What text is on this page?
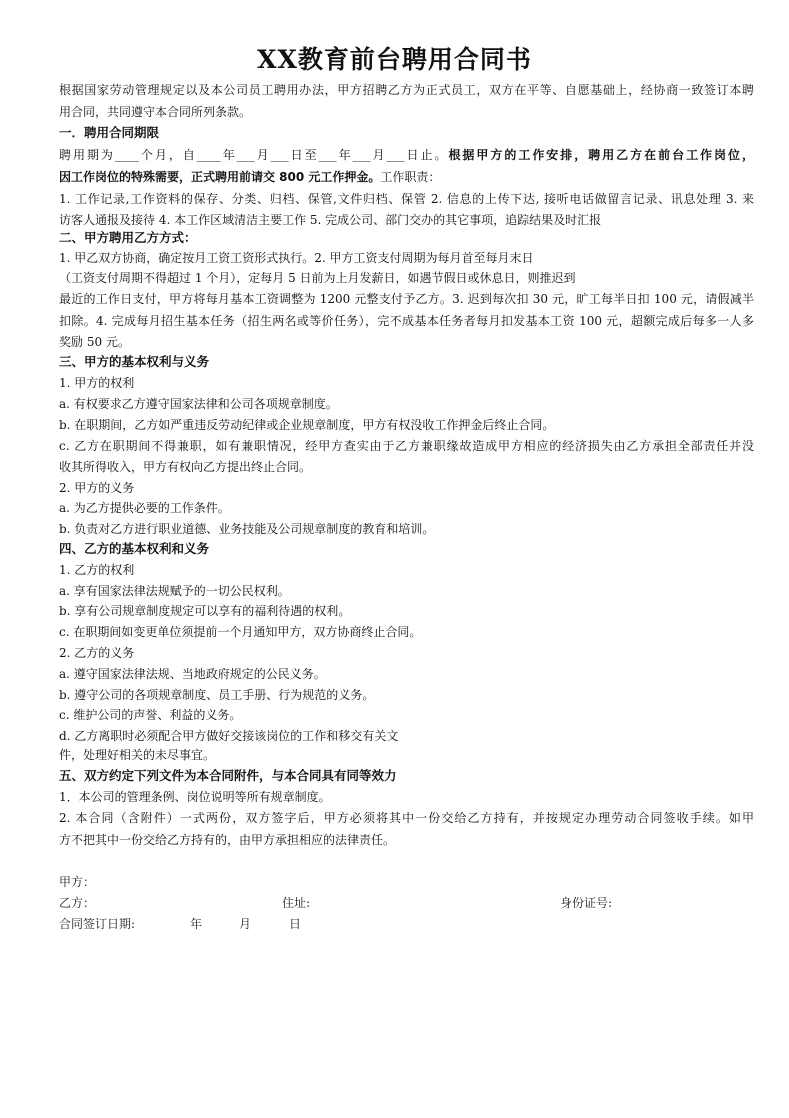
XX教育前台聘用合同书
根据国家劳动管理规定以及本公司员工聘用办法，甲方招聘乙方为正式员工，双方在平等、自愿基础上，经协商一致签订本聘
用合同，共同遵守本合同所列条款。
一．聘用合同期限
聘用期为____个月，自____年___月___日至___年___月___日止。根据甲方的工作安排，聘用乙方在前台工作岗位，
因工作岗位的特殊需要，正式聘用前请交 800 元工作押金。工作职责：
1. 工作记录,工作资料的保存、分类、归档、保管,文件归档、保管 2. 信息的上传下达, 接听电话做留言记录、讯息处理 3. 来
访客人通报及接待 4. 本工作区域清洁主要工作 5. 完成公司、部门交办的其它事项，追踪结果及时汇报
二、甲方聘用乙方方式：
1. 甲乙双方协商，确定按月工资工资形式执行。2. 甲方工资支付周期为每月首至每月末日
（工资支付周期不得超过 1 个月），定每月 5 日前为上月发薪日，如遇节假日或休息日，则推迟到
最近的工作日支付，甲方将每月基本工资调整为 1200 元整支付予乙方。3. 迟到每次扣 30 元，旷工每半日扣 100 元，请假减半
扣除。4. 完成每月招生基本任务（招生两名或等价任务），完不成基本任务者每月扣发基本工资 100 元，超额完成后每多一人多
奖励 50 元。
三、甲方的基本权利与义务
1. 甲方的权利
a. 有权要求乙方遵守国家法律和公司各项规章制度。
b. 在职期间，乙方如严重违反劳动纪律或企业规章制度，甲方有权没收工作押金后终止合同。
c. 乙方在职期间不得兼职，如有兼职情况，经甲方查实由于乙方兼职缘故造成甲方相应的经济损失由乙方承担全部责任并没
收其所得收入，甲方有权向乙方提出终止合同。
2. 甲方的义务
a. 为乙方提供必要的工作条件。
b. 负责对乙方进行职业道德、业务技能及公司规章制度的教育和培训。
四、乙方的基本权利和义务
1. 乙方的权利
a. 享有国家法律法规赋予的一切公民权利。
b. 享有公司规章制度规定可以享有的福利待遇的权利。
c. 在职期间如变更单位须提前一个月通知甲方，双方协商终止合同。
2. 乙方的义务
a. 遵守国家法律法规、当地政府规定的公民义务。
b. 遵守公司的各项规章制度、员工手册、行为规范的义务。
c. 维护公司的声誉、利益的义务。
d. 乙方离职时必须配合甲方做好交接该岗位的工作和移交有关文
件，处理好相关的未尽事宜。
五、双方约定下列文件为本合同附件，与本合同具有同等效力
1．本公司的管理条例、岗位说明等所有规章制度。
2. 本合同（含附件）一式两份，双方签字后，甲方必须将其中一份交给乙方持有，并按规定办理劳动合同签收手续。如甲
方不把其中一份交给乙方持有的，由甲方承担相应的法律责任。
甲方：
乙方：	住址:	身份证号:
合同签订日期:	年	月	日
